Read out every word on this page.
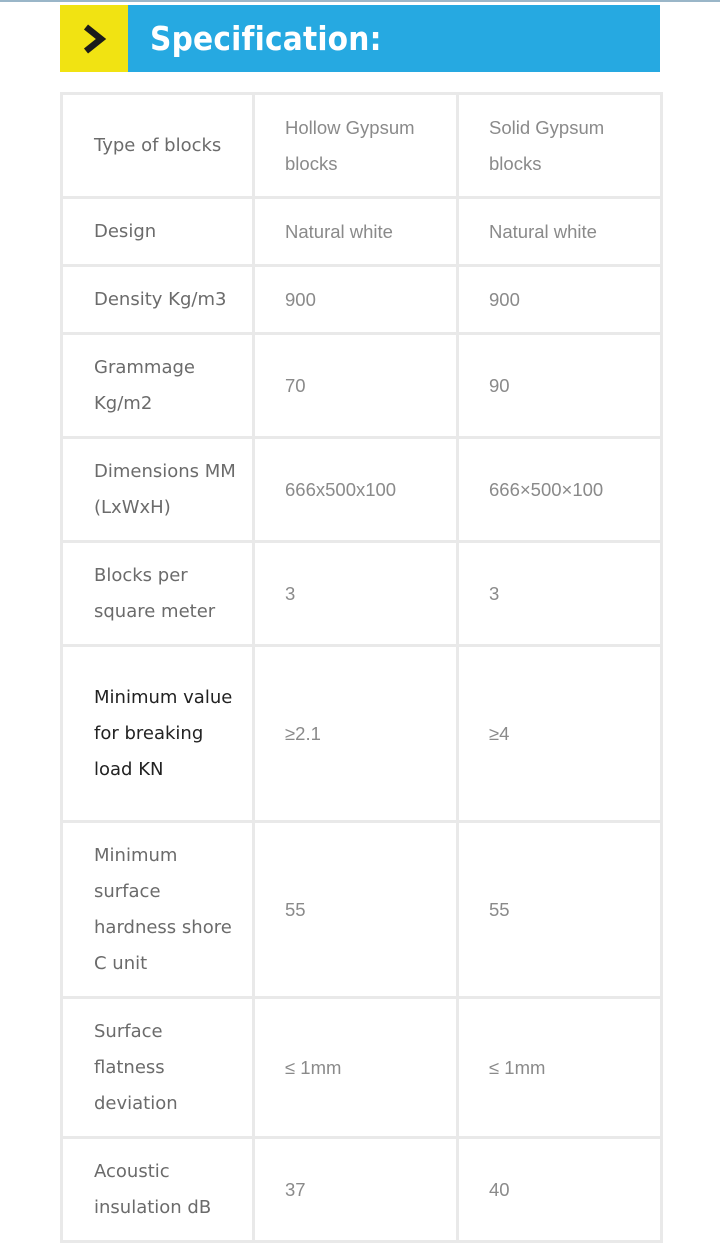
Specification:
Type of blocks	Hollow Gypsum blocks	Solid Gypsum blocks
Design	Natural white	Natural white
Density Kg/m3	900	900
Grammage Kg/m2	70	90
Dimensions MM (LxWxH)	666x500x100	666×500×100
Blocks per square meter	3	3
Minimum value for breaking load KN	≥2.1	≥4
Minimum surface hardness shore C unit	55	55
Surface flatness deviation	≤ 1mm	≤ 1mm
Acoustic insulation dB	37	40
